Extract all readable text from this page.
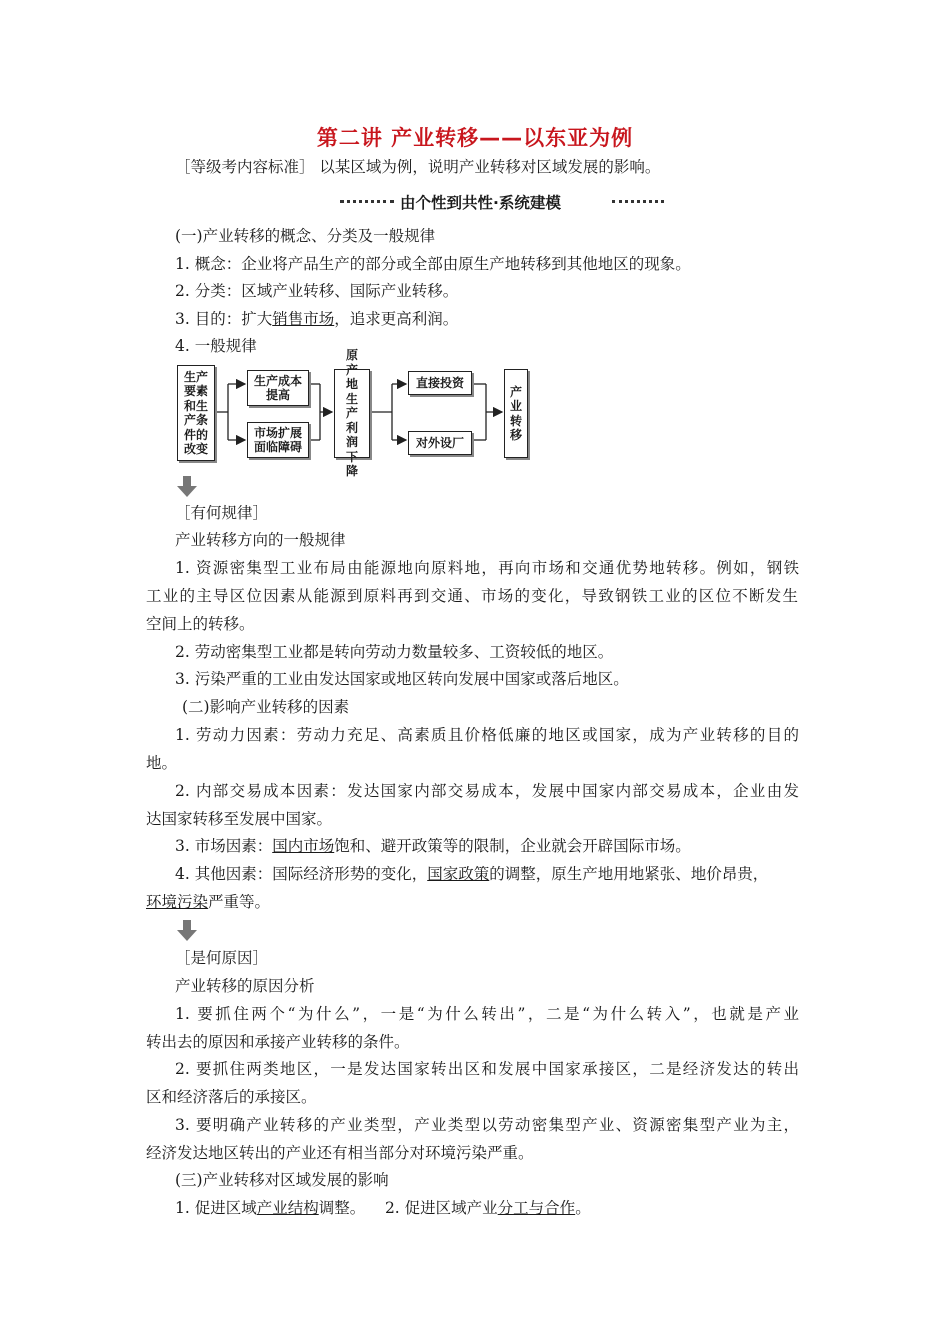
第二讲 产业转移——以东亚为例
［等级考内容标准］ 以某区域为例，说明产业转移对区域发展的影响。
由个性到共性·系统建模
(一)产业转移的概念、分类及一般规律
1. 概念：企业将产品生产的部分或全部由原生产地转移到其他地区的现象。
2. 分类：区域产业转移、国际产业转移。
3. 目的：扩大销售市场，追求更高利润。
4. 一般规律
生产要素和生产条件的改变
生产成本提高
市场扩展面临障碍
原产地生产利润下降
直接投资
对外设厂
产业转移
［有何规律］
产业转移方向的一般规律
1. 资源密集型工业布局由能源地向原料地，再向市场和交通优势地转移。例如，钢铁
工业的主导区位因素从能源到原料再到交通、市场的变化，导致钢铁工业的区位不断发生
空间上的转移。
2. 劳动密集型工业都是转向劳动力数量较多、工资较低的地区。
3. 污染严重的工业由发达国家或地区转向发展中国家或落后地区。
(二)影响产业转移的因素
1. 劳动力因素：劳动力充足、高素质且价格低廉的地区或国家，成为产业转移的目的
地。
2. 内部交易成本因素：发达国家内部交易成本，发展中国家内部交易成本，企业由发
达国家转移至发展中国家。
3. 市场因素：国内市场饱和、避开政策等的限制，企业就会开辟国际市场。
4. 其他因素：国际经济形势的变化，国家政策的调整，原生产地用地紧张、地价昂贵，
环境污染严重等。
［是何原因］
产业转移的原因分析
1. 要抓住两个“为什么”，一是“为什么转出”，二是“为什么转入”，也就是产业
转出去的原因和承接产业转移的条件。
2. 要抓住两类地区，一是发达国家转出区和发展中国家承接区，二是经济发达的转出
区和经济落后的承接区。
3. 要明确产业转移的产业类型，产业类型以劳动密集型产业、资源密集型产业为主，
经济发达地区转出的产业还有相当部分对环境污染严重。
(三)产业转移对区域发展的影响
1. 促进区域产业结构调整。    2. 促进区域产业分工与合作。
